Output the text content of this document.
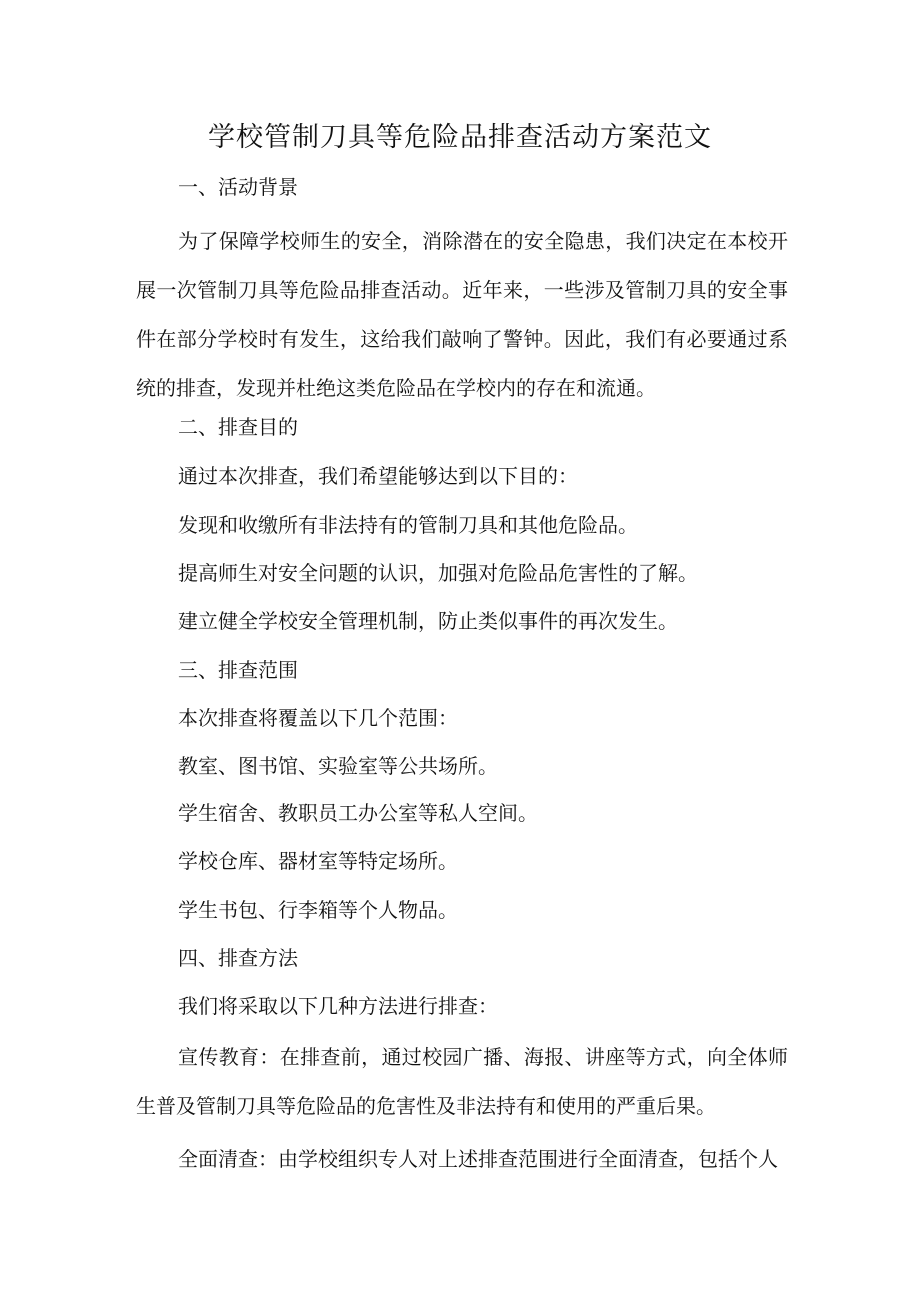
学校管制刀具等危险品排查活动方案范文
一、活动背景
为了保障学校师生的安全，消除潜在的安全隐患，我们决定在本校开展一次管制刀具等危险品排查活动。近年来，一些涉及管制刀具的安全事件在部分学校时有发生，这给我们敲响了警钟。因此，我们有必要通过系统的排查，发现并杜绝这类危险品在学校内的存在和流通。
二、排查目的
通过本次排查，我们希望能够达到以下目的：
发现和收缴所有非法持有的管制刀具和其他危险品。
提高师生对安全问题的认识，加强对危险品危害性的了解。
建立健全学校安全管理机制，防止类似事件的再次发生。
三、排查范围
本次排查将覆盖以下几个范围：
教室、图书馆、实验室等公共场所。
学生宿舍、教职员工办公室等私人空间。
学校仓库、器材室等特定场所。
学生书包、行李箱等个人物品。
四、排查方法
我们将采取以下几种方法进行排查：
宣传教育：在排查前，通过校园广播、海报、讲座等方式，向全体师生普及管制刀具等危险品的危害性及非法持有和使用的严重后果。
全面清查：由学校组织专人对上述排查范围进行全面清查，包括个人
